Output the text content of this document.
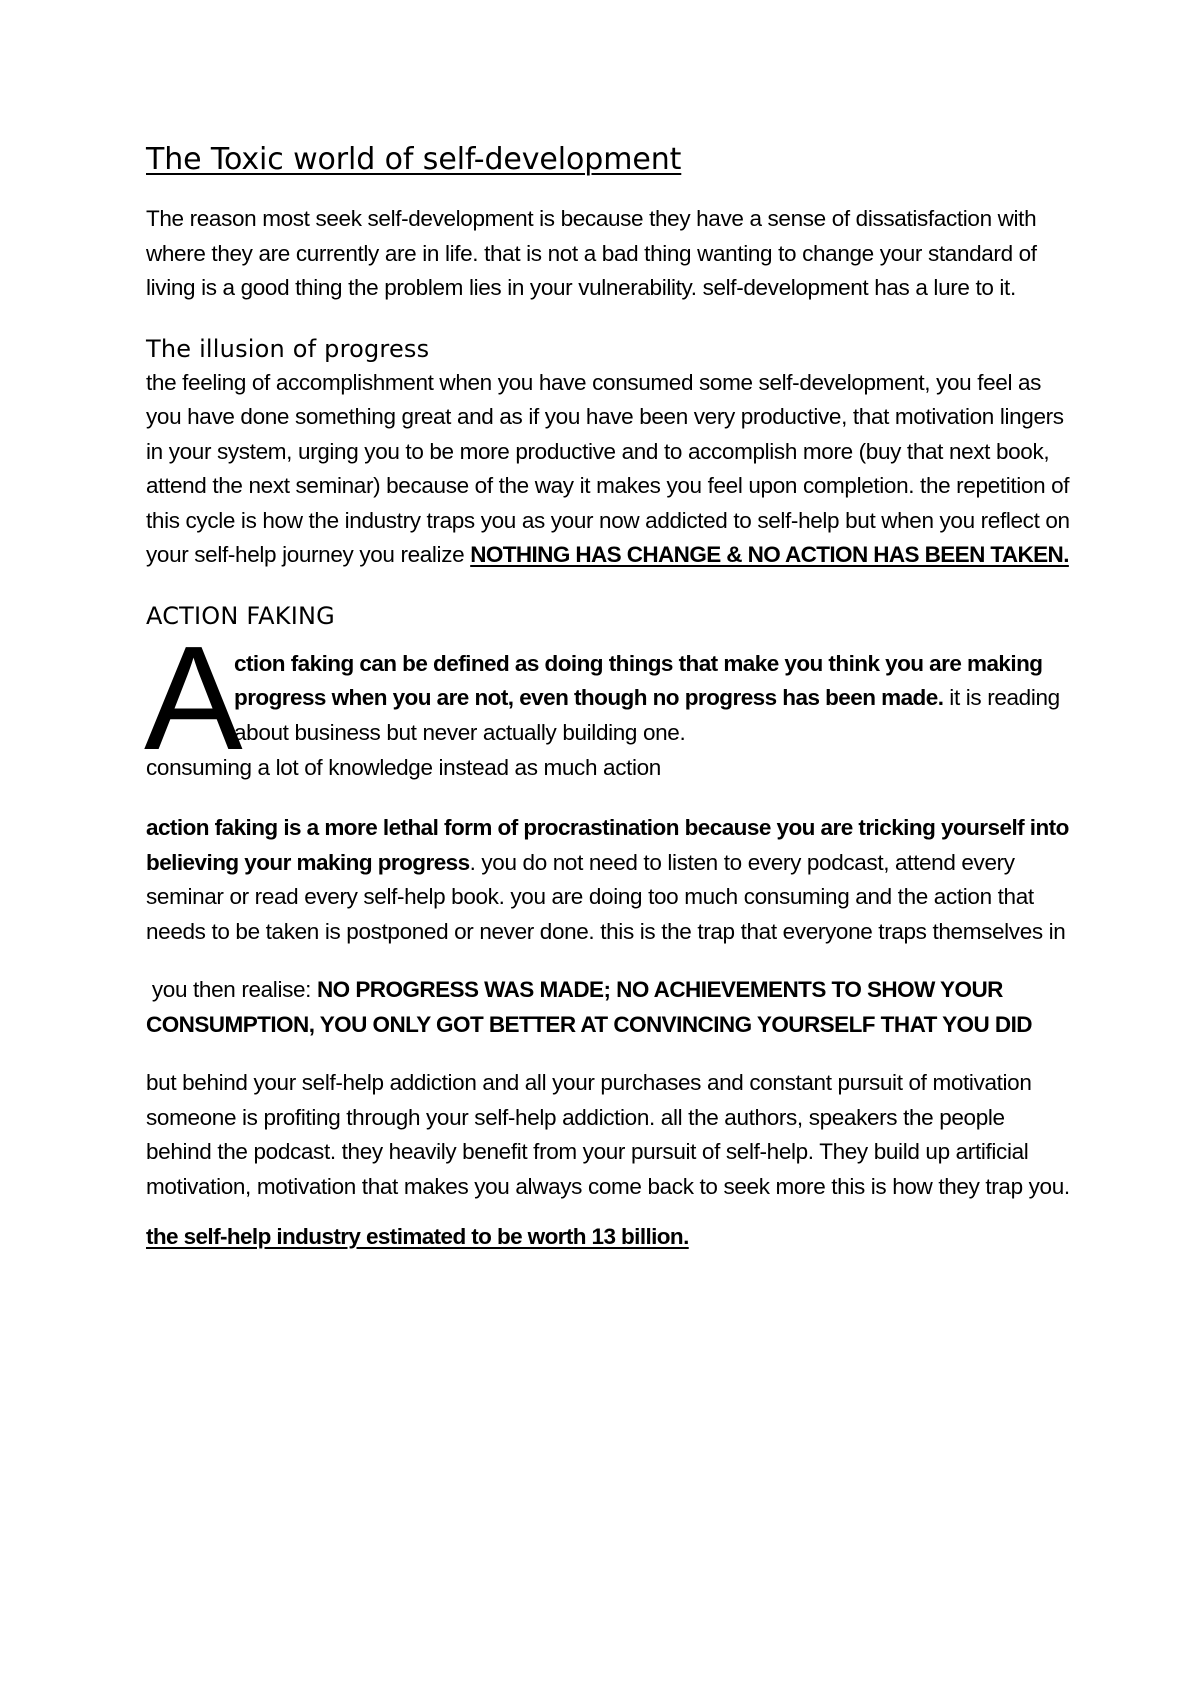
The Toxic world of self-development

The reason most seek self-development is because they have a sense of dissatisfaction with where they are currently are in life. that is not a bad thing wanting to change your standard of living is a good thing the problem lies in your vulnerability. self-development has a lure to it.

The illusion of progress

the feeling of accomplishment when you have consumed some self-development, you feel as you have done something great and as if you have been very productive, that motivation lingers in your system, urging you to be more productive and to accomplish more (buy that next book, attend the next seminar) because of the way it makes you feel upon completion. the repetition of this cycle is how the industry traps you as your now addicted to self-help but when you reflect on your self-help journey you realize NOTHING HAS CHANGE & NO ACTION HAS BEEN TAKEN.

ACTION FAKING
A

ction faking can be defined as doing things that make you think you are making progress when you are not, even though no progress has been made. it is reading about business but never actually building one.

consuming a lot of knowledge instead as much action

action faking is a more lethal form of procrastination because you are tricking yourself into believing your making progress. you do not need to listen to every podcast, attend every seminar or read every self-help book. you are doing too much consuming and the action that needs to be taken is postponed or never done. this is the trap that everyone traps themselves in

you then realise: NO PROGRESS WAS MADE; NO ACHIEVEMENTS TO SHOW YOUR CONSUMPTION, YOU ONLY GOT BETTER AT CONVINCING YOURSELF THAT YOU DID

but behind your self-help addiction and all your purchases and constant pursuit of motivation someone is profiting through your self-help addiction. all the authors, speakers the people behind the podcast. they heavily benefit from your pursuit of self-help. They build up artificial motivation, motivation that makes you always come back to seek more this is how they trap you.

the self-help industry estimated to be worth 13 billion.
